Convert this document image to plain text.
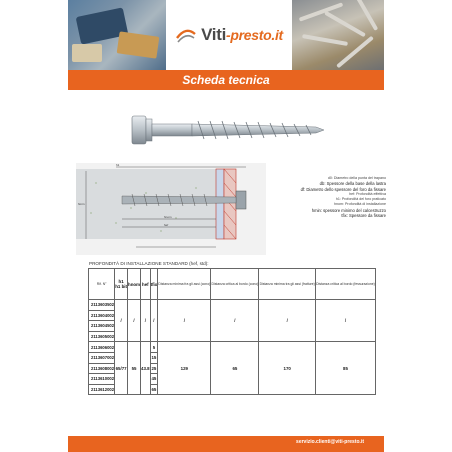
Viti-presto.it
Scheda tecnica
h1
hnom
hef
hmin
d0: Diametro della punta del trapano
db: Spessore della base della lastra
df: Diametro dello spessore del foro da fissare
hef: Profondità effettiva
h1: Profondità del foro praticato
hnom: Profondità di installazione
hmin: spessore minimo del calcestruzzo
tfix: Spessore da fissare
PROFONDITÀ DI INSTALLAZIONE STANDARD (hef, std):
Rif. N°	h1
h1 bit	hnom	hef	tfix	Distanza minima fra gli assi (cono)	Distanza critica al bordo (cono)	Distanza minima tra gli assi (fratture)	Distanza critica al bordo (fessurazione)
2113603502	/	/	/	/	/	/	/	/
2113604002								
2113604502								
2113605002								
2113606002	65/77	55	43.8	5	129	65	170	85
2113607002				15				
2113608002				25				
2113610002				45				
2113612002				65				
servizio.clienti@viti-presto.it
